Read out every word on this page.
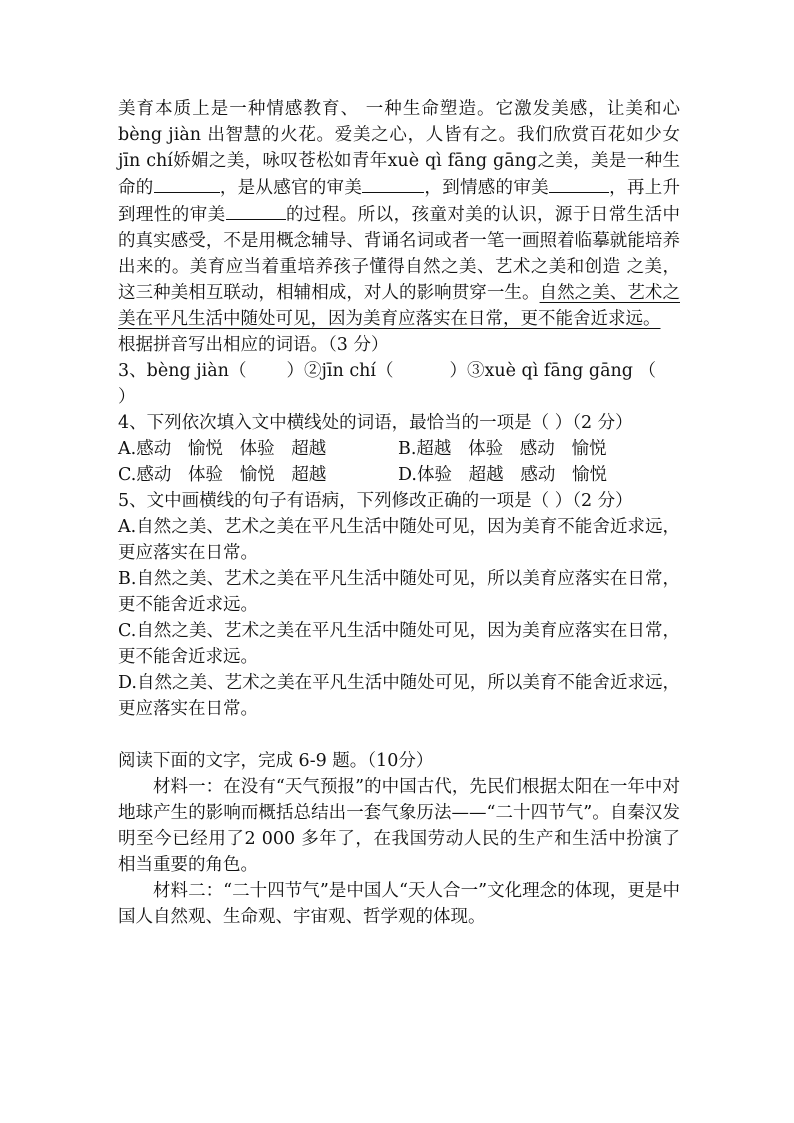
美育本质上是一种情感教育、 一种生命塑造。它激发美感，让美和心 bèng jiàn 出智慧的火花。爱美之心，人皆有之。我们欣赏百花如少女 jīn chí娇媚之美，咏叹苍松如青年xuè qì fāng gāng之美，美是一种生命的	，是从感官的审美	，到情感的审美	，再上升到理性的审美	的过程。所以，孩童对美的认识，源于日常生活中的真实感受，不是用概念辅导、背诵名词或者一笔一画照着临摹就能培养出来的。美育应当着重培养孩子懂得自然之美、艺术之美和创造 之美，这三种美相互联动，相辅相成，对人的影响贯穿一生。自然之美、艺术之美在平凡生活中随处可见，因为美育应落实在日常，更不能舍近求远。

根据拼音写出相应的词语。（3 分）

3、bèng jiàn（ ）②jīn chí（	）③xuè qì fāng gāng （
）

4、下列依次填入文中横线处的词语，最恰当的一项是（ ）（2 分）

A.感动   愉悦   体验   超越	B.超越   体验   感动   愉悦
C.感动   体验   愉悦   超越	D.体验   超越   感动   愉悦

5、文中画横线的句子有语病，下列修改正确的一项是（ ）（2 分）

A.自然之美、艺术之美在平凡生活中随处可见，因为美育不能舍近求远，更应落实在日常。

B.自然之美、艺术之美在平凡生活中随处可见，所以美育应落实在日常，更不能舍近求远。

C.自然之美、艺术之美在平凡生活中随处可见，因为美育应落实在日常，更不能舍近求远。

D.自然之美、艺术之美在平凡生活中随处可见，所以美育不能舍近求远，更应落实在日常。

阅读下面的文字，完成 6-9 题。（10分）

材料一：在没有“天气预报”的中国古代，先民们根据太阳在一年中对地球产生的影响而概括总结出一套气象历法——“二十四节气”。自秦汉发明至今已经用了2 000 多年了，在我国劳动人民的生产和生活中扮演了相当重要的角色。

材料二：“二十四节气”是中国人“天人合一”文化理念的体现，更是中国人自然观、生命观、宇宙观、哲学观的体现。
